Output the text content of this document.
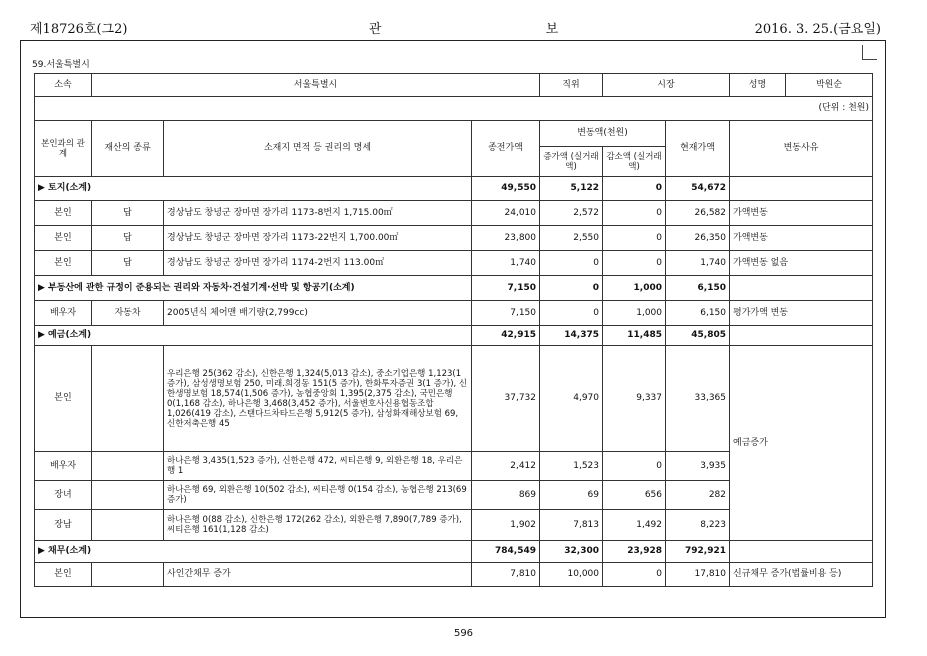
제18726호(그2)	관 보	2016. 3. 25.(금요일)
59.서울특별시
소속	서울특별시			직위	시장		성명 박원순

(단위 : 천원)							
본인과의 관계	재산의 종류	소재지 면적 등 권리의 명세	종전가액	변동액(천원)		현재가액	변동사유
				증가액 (실거래액)	감소액 (실거래액)		
▶ 토지(소계)			49,550	5,122	0	54,672	
본인	답	경상남도 창녕군 장마면 장가리 1173-8번지 1,715.00㎡	24,010	2,572	0	26,582	가액변동
본인	답	경상남도 창녕군 장마면 장가리 1173-22번지 1,700.00㎡	23,800	2,550	0	26,350	가액변동
본인	답	경상남도 창녕군 장마면 장가리 1174-2번지 113.00㎡	1,740	0	0	1,740	가액변동 없음
▶ 부동산에 관한 규정이 준용되는 권리와 자동차·건설기계·선박 및 항공기(소계)			7,150	0	1,000	6,150	
배우자	자동차	2005년식 체어맨 배기량(2,799cc)	7,150	0	1,000	6,150	평가가액 변동
▶ 예금(소계)			42,915	14,375	11,485	45,805	
본인		우리은행 25(362 감소), 신한은행 1,324(5,013 감소), 중소기업은행 1,123(1 증가), 삼성생명보험 250, 미래.희경동 151(5 증가), 한화투자증권 3(1 증가), 신한생명보험 18,574(1,506 증가), 농협중앙회 1,395(2,375 감소), 국민은행 0(1,168 감소), 하나은행 3,468(3,452 증가), 서울변호사신용협동조합 1,026(419 감소), 스탠다드차타드은행 5,912(5 증가), 삼성화재해상보험 69, 신한저축은행 45	37,732	4,970	9,337	33,365	예금증가
배우자		하나은행 3,435(1,523 증가), 신한은행 472, 씨티은행 9, 외환은행 18, 우리은행 1	2,412	1,523	0	3,935	
장녀		하나은행 69, 외환은행 10(502 감소), 씨티은행 0(154 감소), 농협은행 213(69 증가)	869	69	656	282	
장남		하나은행 0(88 감소), 신한은행 172(262 감소), 외환은행 7,890(7,789 증가), 씨티은행 161(1,128 감소)	1,902	7,813	1,492	8,223	
▶ 채무(소계)			784,549	32,300	23,928	792,921	
본인		사인간채무 증가	7,810	10,000	0	17,810	신규채무 증가(법률비용 등)
596
